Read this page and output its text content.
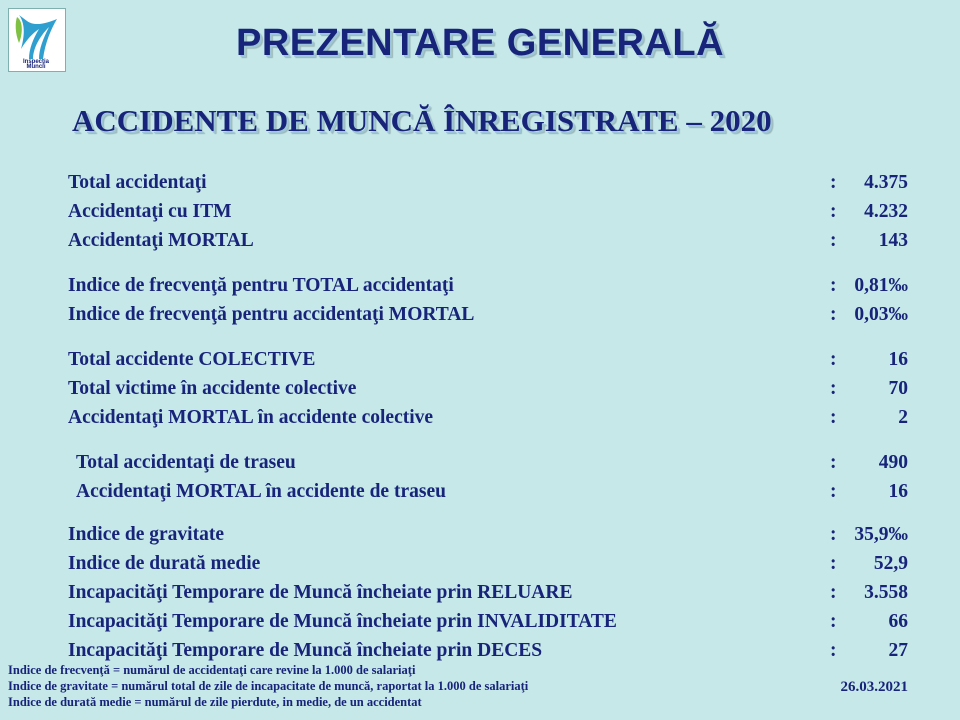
Inspecţia
Muncii
PREZENTARE GENERALĂ
ACCIDENTE DE MUNCĂ ÎNREGISTRATE – 2020
Total accidentaţi	:	4.375
Accidentaţi cu ITM	:	4.232
Accidentaţi MORTAL	:	143
Indice de frecvenţă pentru TOTAL accidentaţi	: 0,81‰
Indice de frecvenţă pentru accidentaţi MORTAL	: 0,03‰
Total accidente COLECTIVE	:	16
Total victime în accidente colective	:	70
Accidentaţi MORTAL în accidente colective	:	2
Total accidentaţi de traseu	:	490
Accidentaţi MORTAL în accidente de traseu	:	16
Indice de gravitate	: 35,9‰
Indice de durată medie	:	52,9
Incapacităţi Temporare de Muncă încheiate prin RELUARE	:	3.558
Incapacităţi Temporare de Muncă încheiate prin INVALIDITATE	:	66
Incapacităţi Temporare de Muncă încheiate prin DECES	:	27
Indice de frecvenţă = numărul de accidentaţi care revine la 1.000 de salariaţi
Indice de gravitate = numărul total de zile de incapacitate de muncă, raportat la 1.000 de salariaţi
Indice de durată medie = numărul de zile pierdute, in medie, de un accidentat
26.03.2021
